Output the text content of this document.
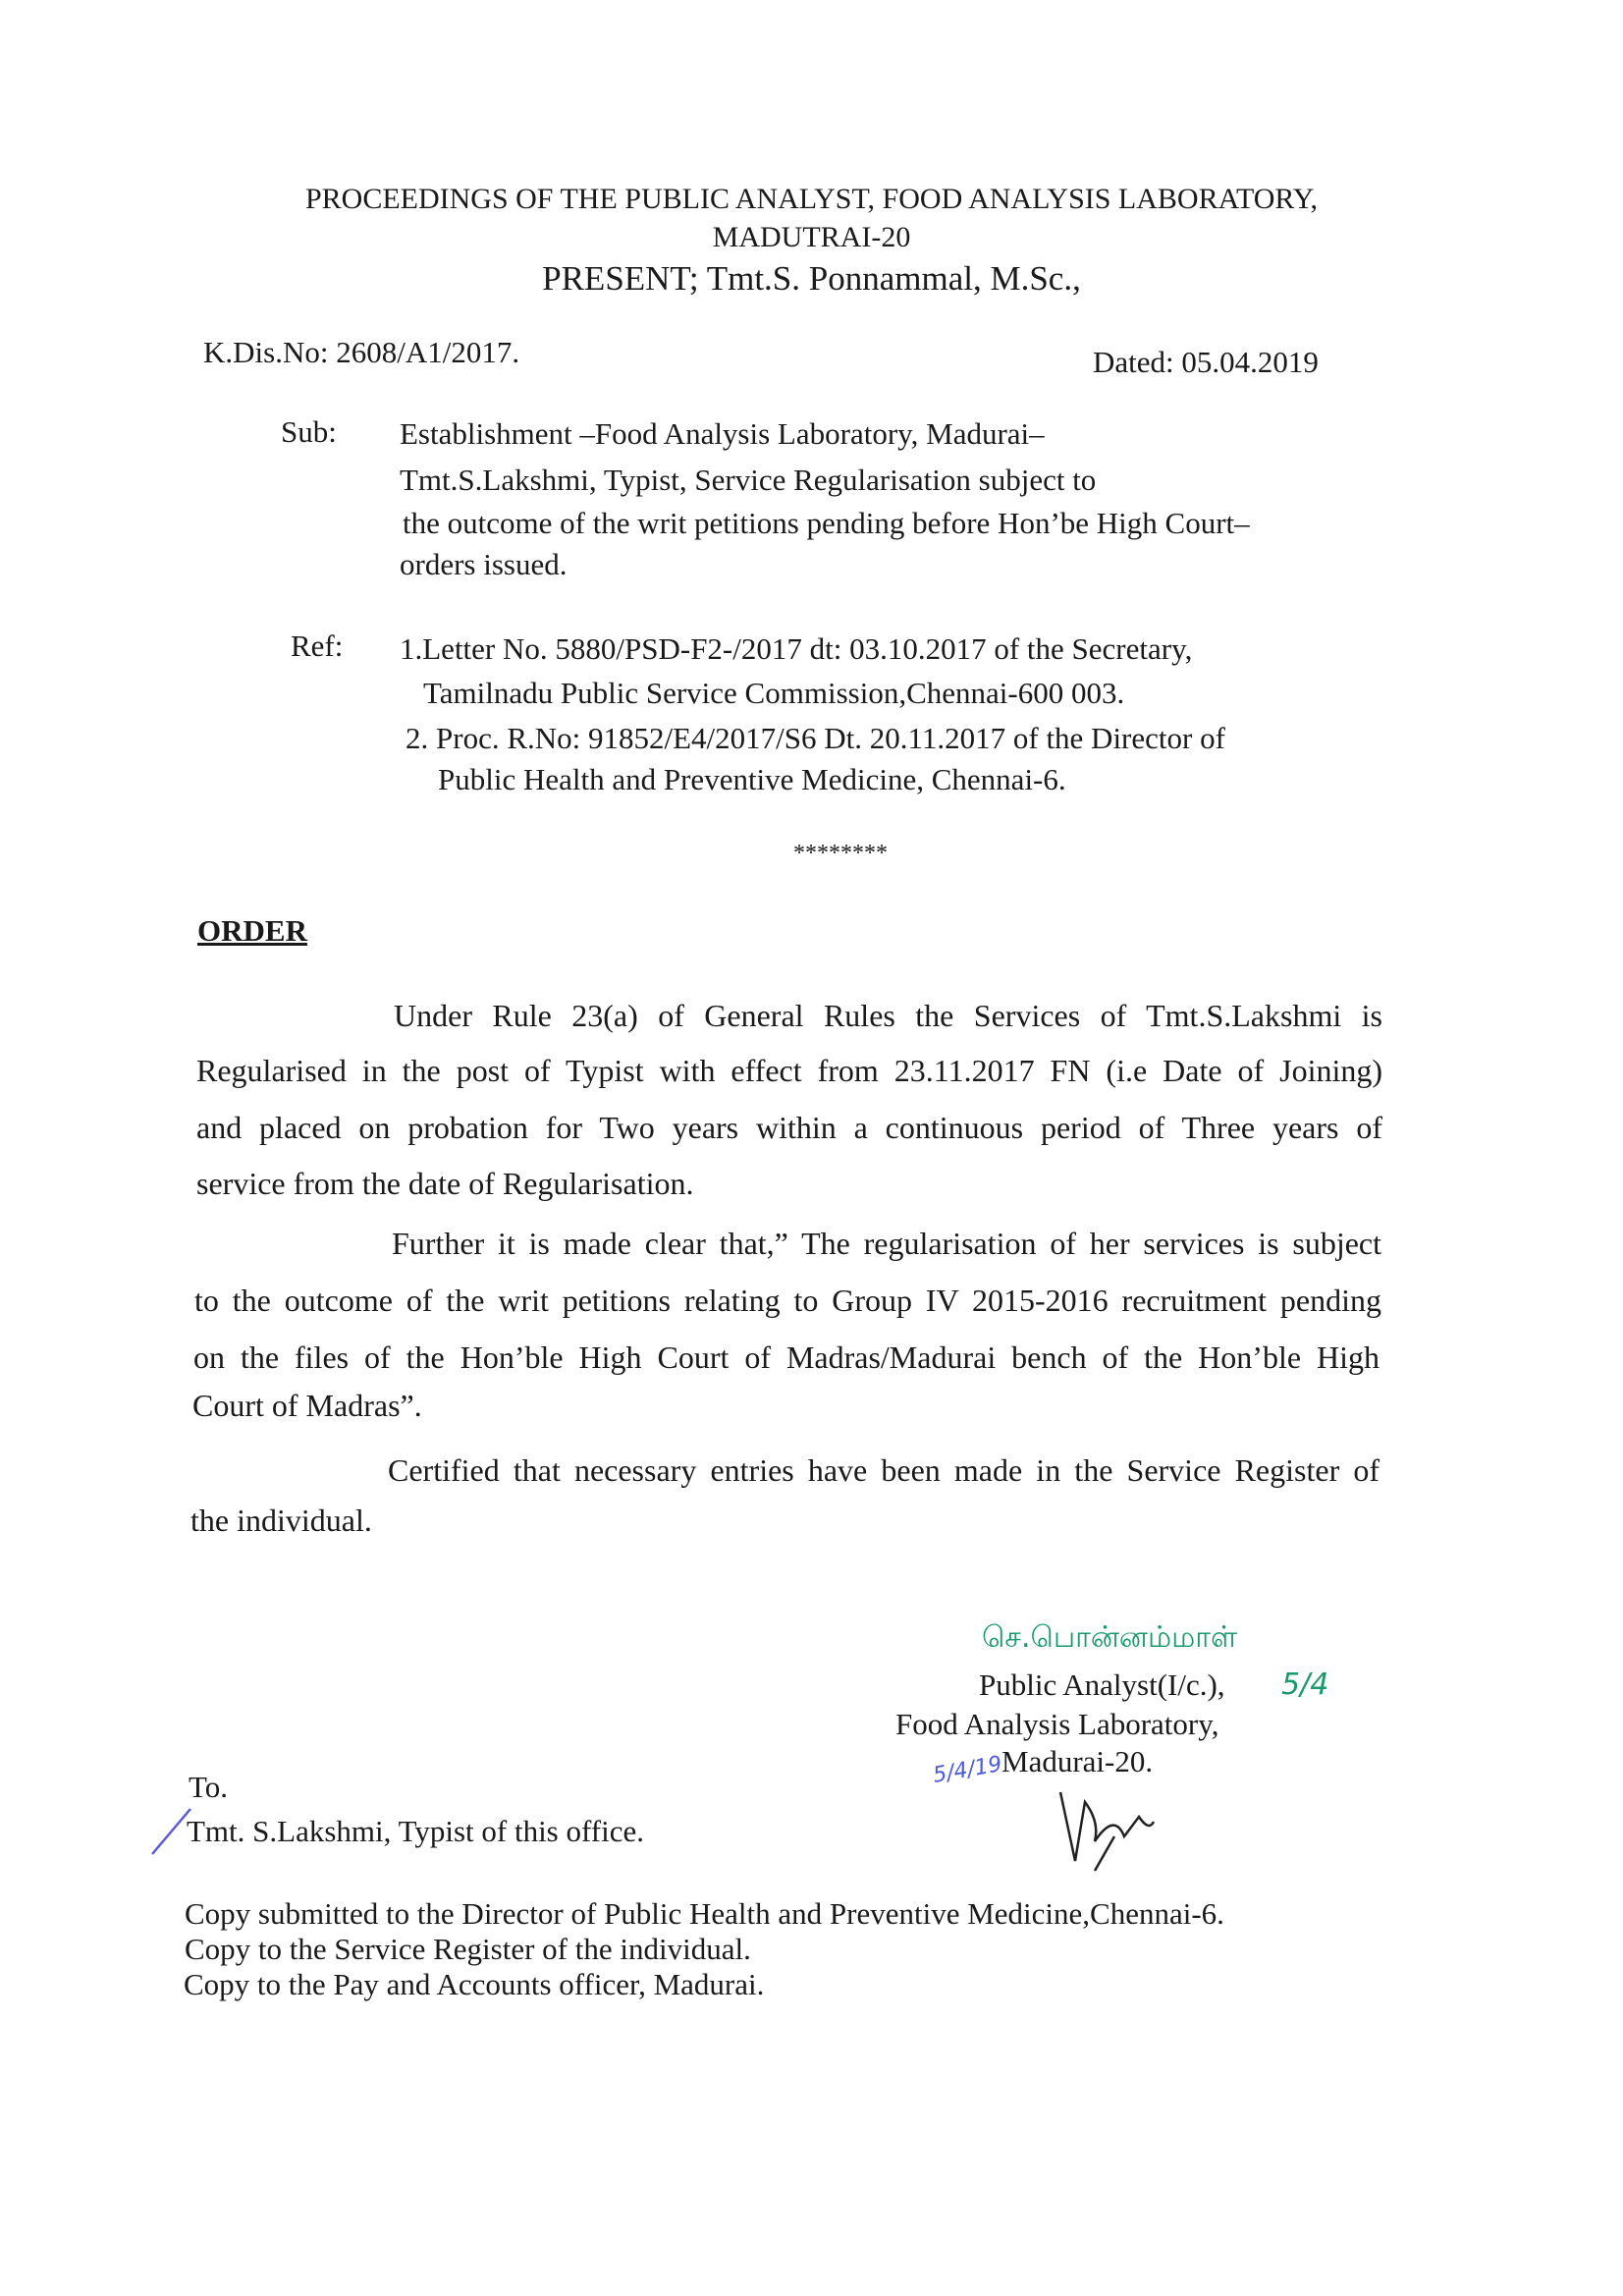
PROCEEDINGS OF THE PUBLIC ANALYST, FOOD ANALYSIS LABORATORY,
MADUTRAI-20
PRESENT; Tmt.S. Ponnammal, M.Sc.,
K.Dis.No: 2608/A1/2017.	Dated: 05.04.2019
Sub: Establishment –Food Analysis Laboratory, Madurai–
Tmt.S.Lakshmi, Typist, Service Regularisation subject to
the outcome of the writ petitions pending before Hon’be High Court–
orders issued.
Ref: 1.Letter No. 5880/PSD-F2-/2017 dt: 03.10.2017 of the Secretary,
Tamilnadu Public Service Commission,Chennai-600 003.
2. Proc. R.No: 91852/E4/2017/S6 Dt. 20.11.2017 of the Director of
Public Health and Preventive Medicine, Chennai-6.
********
ORDER
Under Rule 23(a) of General Rules the Services of Tmt.S.Lakshmi is
Regularised in the post of Typist with effect from 23.11.2017 FN (i.e Date of Joining)
and placed on probation for Two years within a continuous period of Three years of
service from the date of Regularisation.
Further it is made clear that,” The regularisation of her services is subject
to the outcome of the writ petitions relating to Group IV 2015-2016 recruitment pending
on the files of the Hon’ble High Court of Madras/Madurai bench of the Hon’ble High
Court of Madras”.
Certified that necessary entries have been made in the Service Register of
the individual.
செ.பொன்னம்மாள்
Public Analyst(I/c.), 5/4
Food Analysis Laboratory,
Madurai-20.
5/4/19
To.
Tmt. S.Lakshmi, Typist of this office.
Copy submitted to the Director of Public Health and Preventive Medicine,Chennai-6.
Copy to the Service Register of the individual.
Copy to the Pay and Accounts officer, Madurai.
